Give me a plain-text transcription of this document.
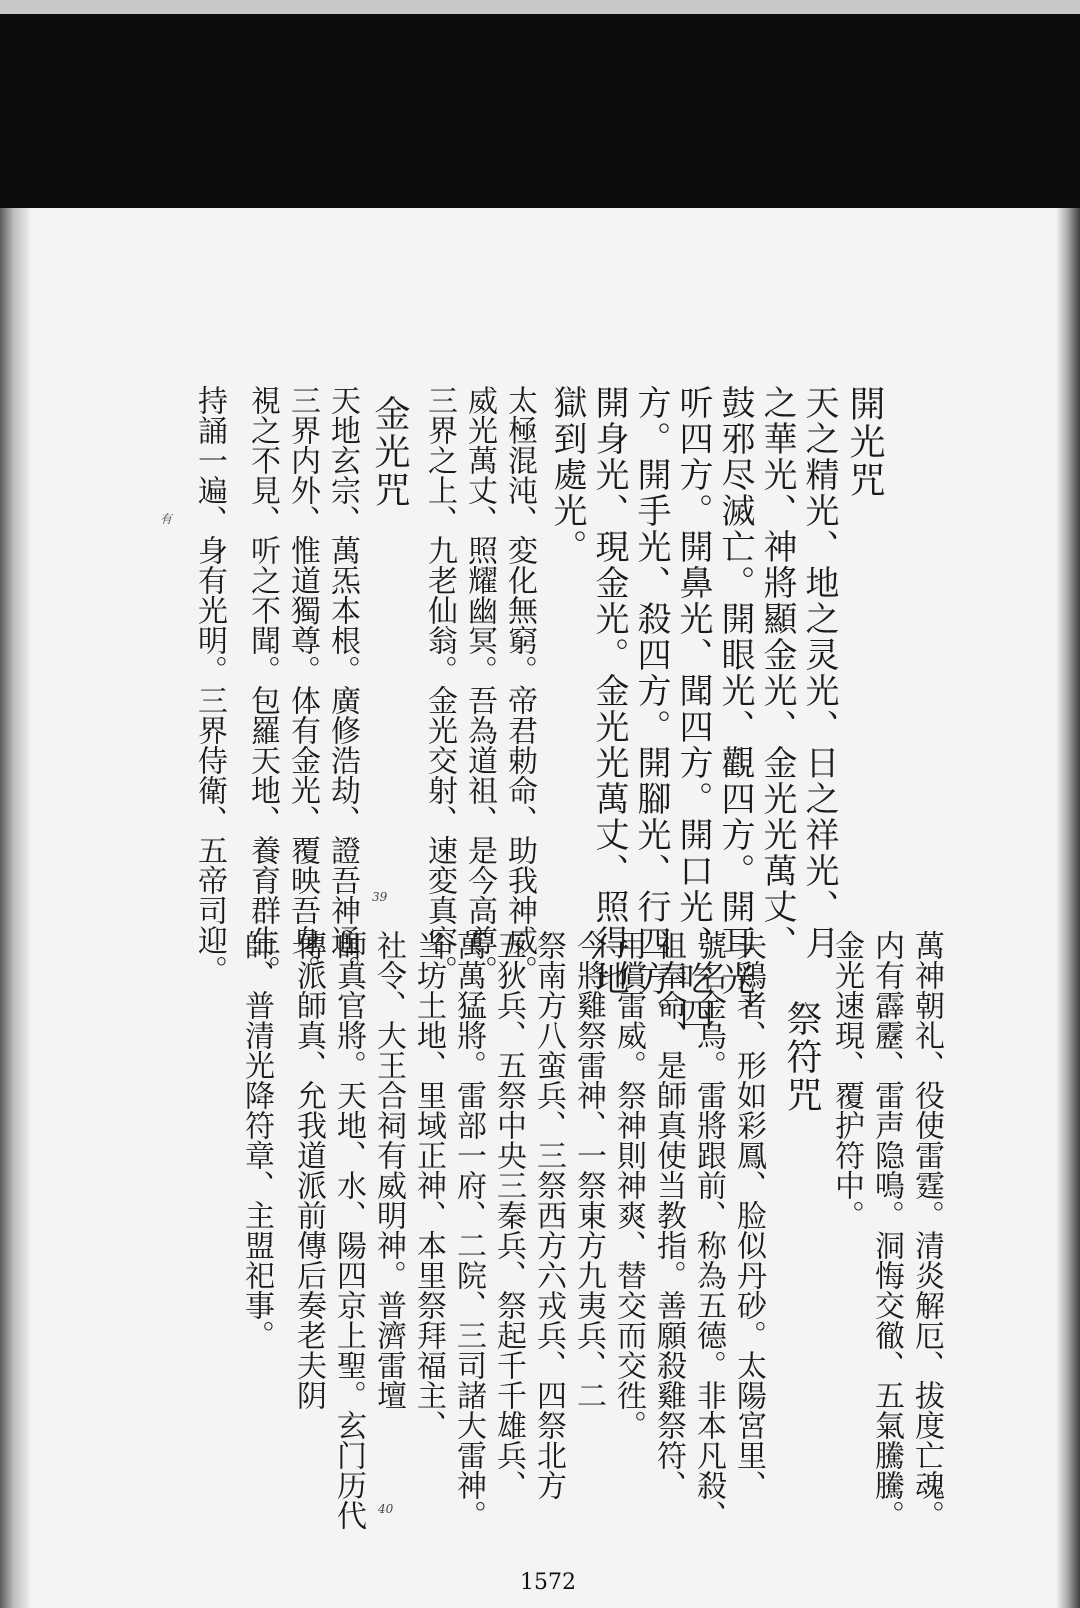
開光咒
天之精光、地之灵光、日之祥光、月
之華光、神將顯金光、金光光萬丈、
鼓邪尽滅亡。開眼光、觀四方。開耳光、
听四方。開鼻光、聞四方。開口光、吃四
方。開手光、殺四方。開腳光、行四方。
開身光、現金光。金光光萬丈、照得地
獄到處光。
太極混沌、変化無窮。帝君勅命、助我神威。
威光萬丈、照耀幽冥。吾為道祖、是今高尊。
三界之上、九老仙翁。金光交射、速変真容。
金光咒
天地玄宗、萬炁本根。廣修浩劫、證吾神通。
三界内外、惟道獨尊。体有金光、覆映吾身。
視之不見、听之不聞。包羅天地、養育群生。
持誦一遍、身有光明。三界侍衛、五帝司迎。
有
39
萬神朝礼、役使雷霆。清炎解厄、拔度亡魂。
内有霹靂、雷声隐鳴。洞悔交徹、五氣騰騰。
金光速現、覆护符中。
祭符咒
夫鶏者、形如彩鳳、脸似丹砂。太陽宮里、
號名金烏。雷將跟前、称為五德。非本凡殺、
祖奉命、是師真使当教指。善願殺雞祭符、
用償雷威。祭神則神爽、替交而交徃。
今將雞祭雷神、一祭東方九夷兵、二
祭南方八蛮兵、三祭西方六戎兵、四祭北方
五狄兵、五祭中央三秦兵、祭起千千雄兵、
萬萬猛將。雷部一府、二院、三司諸大雷神。
当坊土地、里域正神、本里祭拜福主、
社令、大王合祠有威明神。普濟雷壇
師真官將。天地、水、陽四京上聖。玄门历代
傳派師真、允我道派前傳后奏老夫阴
師、普清光降符章、主盟祀事。
40
1572
